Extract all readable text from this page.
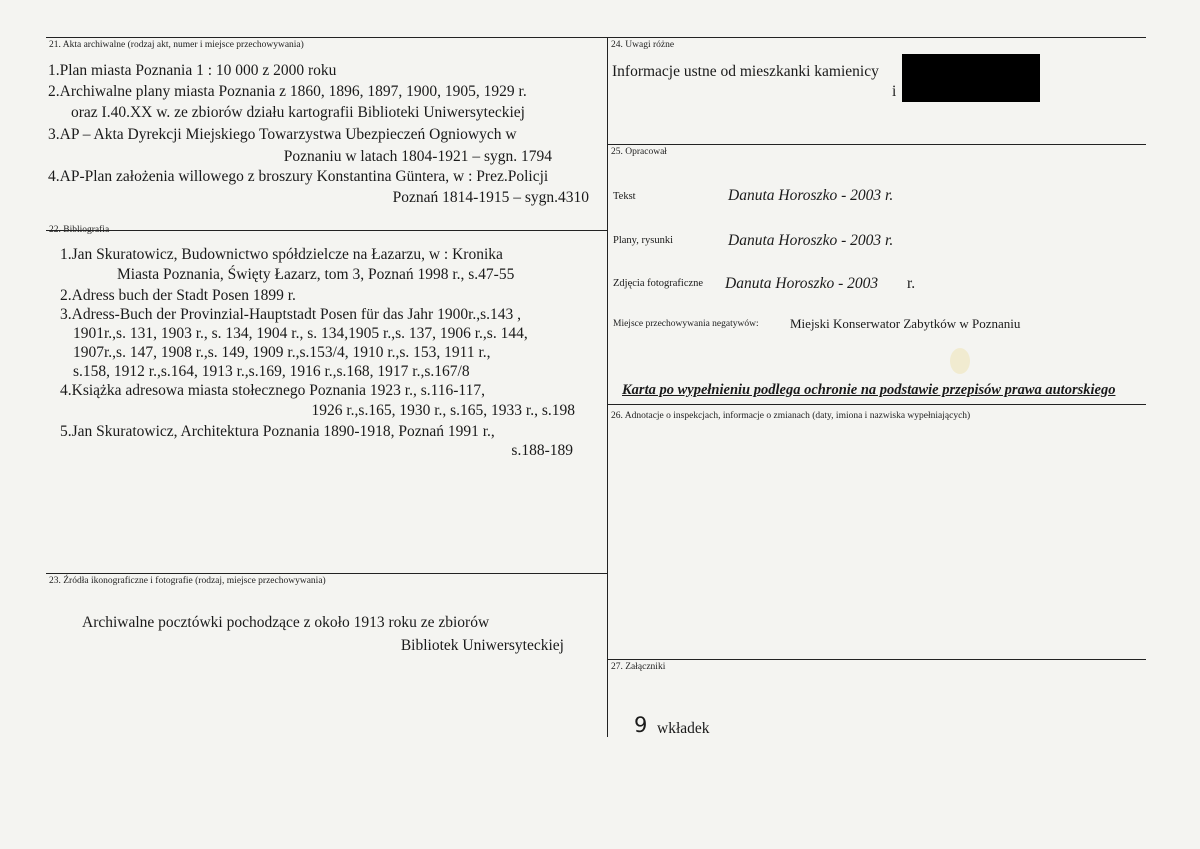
21. Akta archiwalne (rodzaj akt, numer i miejsce przechowywania)
1.Plan miasta Poznania 1 : 10 000 z 2000 roku
2.Archiwalne plany miasta Poznania z 1860, 1896, 1897, 1900, 1905, 1929 r.
oraz I.40.XX w. ze zbiorów działu kartografii Biblioteki Uniwersyteckiej
3.AP – Akta Dyrekcji Miejskiego Towarzystwa Ubezpieczeń Ogniowych w
Poznaniu w latach 1804-1921 – sygn. 1794
4.AP-Plan założenia willowego z broszury Konstantina Güntera, w : Prez.Policji
Poznań 1814-1915 – sygn.4310
22. Bibliografia
1.Jan Skuratowicz, Budownictwo spółdzielcze na Łazarzu, w : Kronika
Miasta Poznania, Święty Łazarz, tom 3, Poznań 1998 r., s.47-55
2.Adress buch der Stadt Posen 1899 r.
3.Adress-Buch der Provinzial-Hauptstadt Posen für das Jahr 1900r.,s.143 ,
1901r.,s. 131, 1903 r., s. 134, 1904 r., s. 134,1905 r.,s. 137, 1906 r.,s. 144,
1907r.,s. 147, 1908 r.,s. 149, 1909 r.,s.153/4, 1910 r.,s. 153, 1911 r.,
s.158, 1912 r.,s.164, 1913 r.,s.169, 1916 r.,s.168, 1917 r.,s.167/8
4.Książka adresowa miasta stołecznego Poznania 1923 r., s.116-117,
1926 r.,s.165, 1930 r., s.165, 1933 r., s.198
5.Jan Skuratowicz, Architektura Poznania 1890-1918, Poznań 1991 r.,
s.188-189
23. Źródła ikonograficzne i fotografie (rodzaj, miejsce przechowywania)
Archiwalne pocztówki pochodzące z około 1913 roku ze zbiorów
Bibliotek Uniwersyteckiej
24. Uwagi różne
Informacje ustne od mieszkanki kamienicy
i
25. Opracował
Tekst	Danuta Horoszko - 2003 r.
Plany, rysunki	Danuta Horoszko - 2003 r.
Zdjęcia fotograficzne Danuta Horoszko - 2003 r.
Miejsce przechowywania negatywów: Miejski Konserwator Zabytków w Poznaniu
Karta po wypełnieniu podlega ochronie na podstawie przepisów prawa autorskiego
26. Adnotacje o inspekcjach, informacje o zmianach (daty, imiona i nazwiska wypełniających)
27. Załączniki
9 wkładek
